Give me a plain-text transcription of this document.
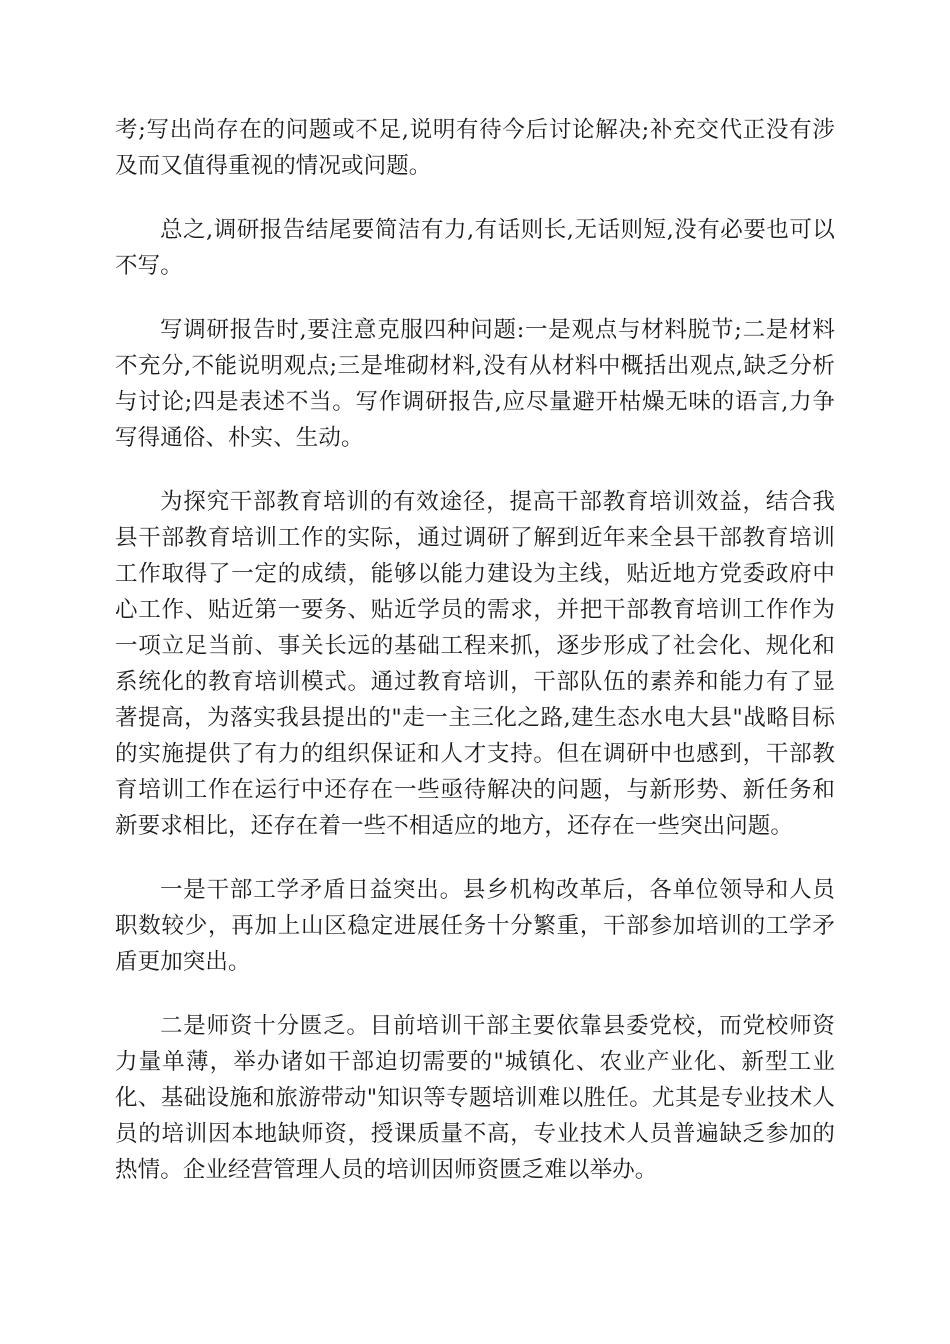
考;写出尚存在的问题或不足,说明有待今后讨论解决;补充交代正没有涉及而又值得重视的情况或问题。

总之,调研报告结尾要简洁有力,有话则长,无话则短,没有必要也可以不写。

写调研报告时,要注意克服四种问题:一是观点与材料脱节;二是材料不充分,不能说明观点;三是堆砌材料,没有从材料中概括出观点,缺乏分析与讨论;四是表述不当。写作调研报告,应尽量避开枯燥无味的语言,力争写得通俗、朴实、生动。

为探究干部教育培训的有效途径，提高干部教育培训效益，结合我县干部教育培训工作的实际，通过调研了解到近年来全县干部教育培训工作取得了一定的成绩，能够以能力建设为主线，贴近地方党委政府中心工作、贴近第一要务、贴近学员的需求，并把干部教育培训工作作为一项立足当前、事关长远的基础工程来抓，逐步形成了社会化、规化和系统化的教育培训模式。通过教育培训，干部队伍的素养和能力有了显著提高，为落实我县提出的"走一主三化之路,建生态水电大县"战略目标的实施提供了有力的组织保证和人才支持。但在调研中也感到，干部教育培训工作在运行中还存在一些亟待解决的问题，与新形势、新任务和新要求相比，还存在着一些不相适应的地方，还存在一些突出问题。

一是干部工学矛盾日益突出。县乡机构改革后，各单位领导和人员职数较少，再加上山区稳定进展任务十分繁重，干部参加培训的工学矛盾更加突出。

二是师资十分匮乏。目前培训干部主要依靠县委党校，而党校师资力量单薄，举办诸如干部迫切需要的"城镇化、农业产业化、新型工业化、基础设施和旅游带动"知识等专题培训难以胜任。尤其是专业技术人员的培训因本地缺师资，授课质量不高，专业技术人员普遍缺乏参加的热情。企业经营管理人员的培训因师资匮乏难以举办。
